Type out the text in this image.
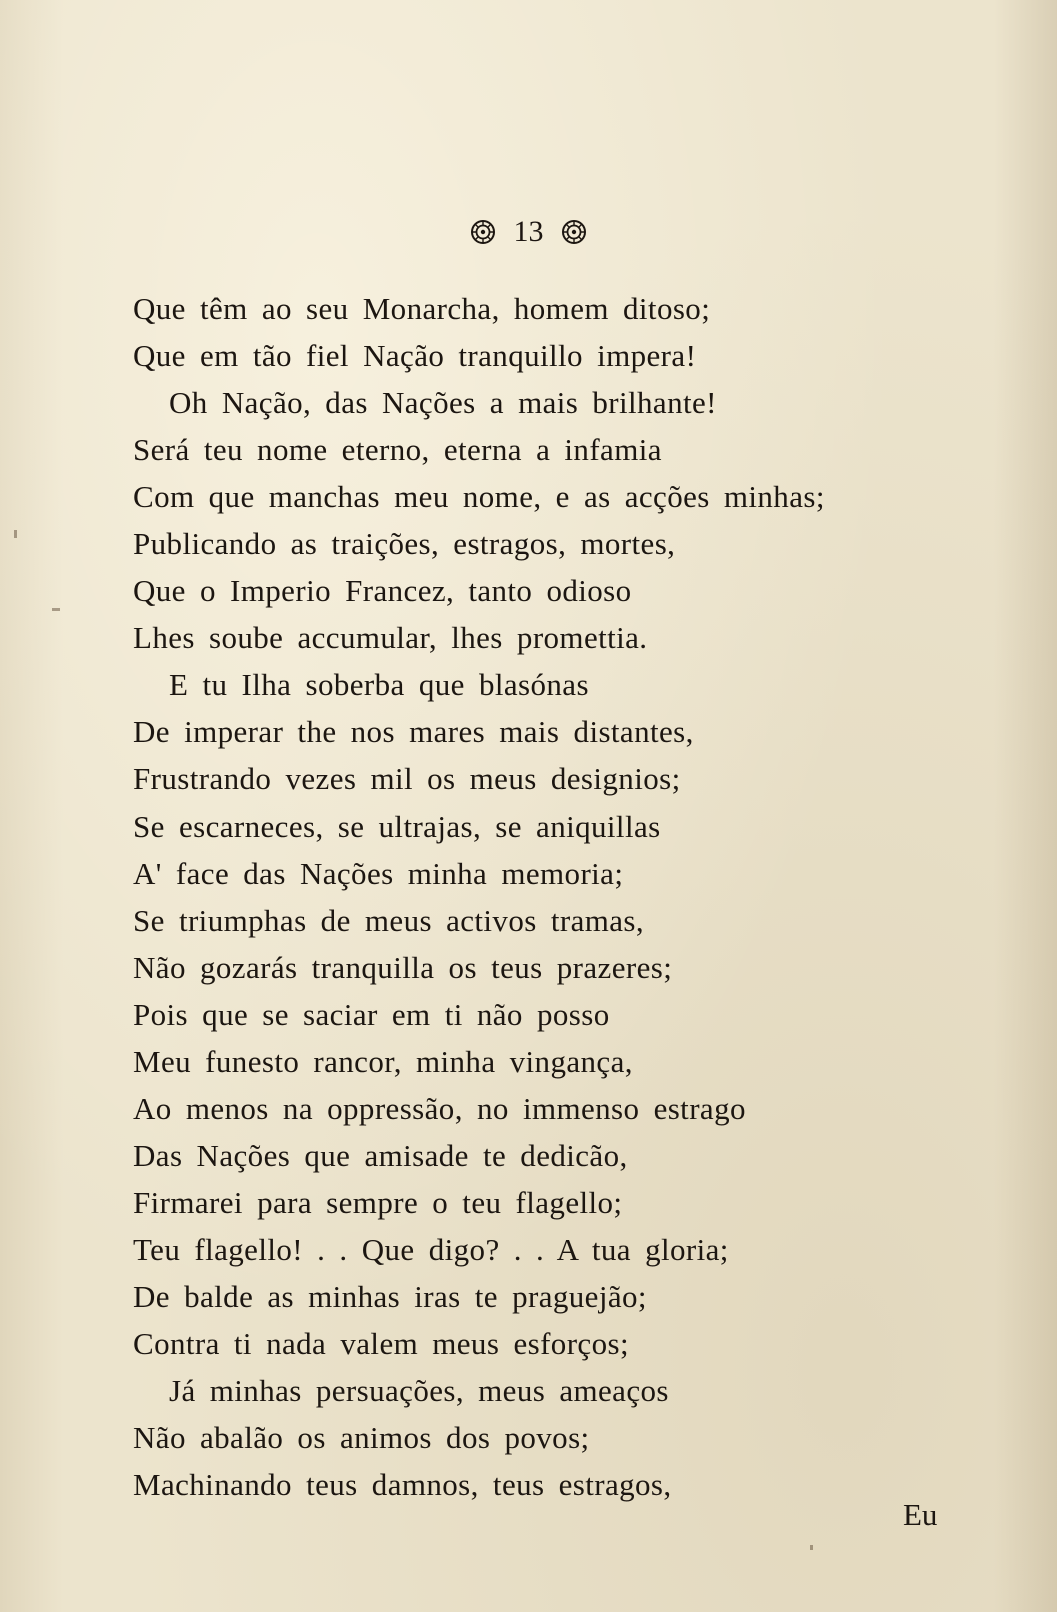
13
Que têm ao seu Monarcha, homem ditoso;
Que em tão fiel Nação tranquillo impera!
Oh Nação, das Nações a mais brilhante!
Será teu nome eterno, eterna a infamia
Com que manchas meu nome, e as acções minhas;
Publicando as traições, estragos, mortes,
Que o Imperio Francez, tanto odioso
Lhes soube accumular, lhes promettia.
E tu Ilha soberba que blasónas
De imperar the nos mares mais distantes,
Frustrando vezes mil os meus designios;
Se escarneces, se ultrajas, se aniquillas
A' face das Nações minha memoria;
Se triumphas de meus activos tramas,
Não gozarás tranquilla os teus prazeres;
Pois que se saciar em ti não posso
Meu funesto rancor, minha vingança,
Ao menos na oppressão, no immenso estrago
Das Nações que amisade te dedicão,
Firmarei para sempre o teu flagello;
Teu flagello! . . Que digo? . . A tua gloria;
De balde as minhas iras te praguejão;
Contra ti nada valem meus esforços;
Já minhas persuações, meus ameaços
Não abalão os animos dos povos;
Machinando teus damnos, teus estragos,
Eu
